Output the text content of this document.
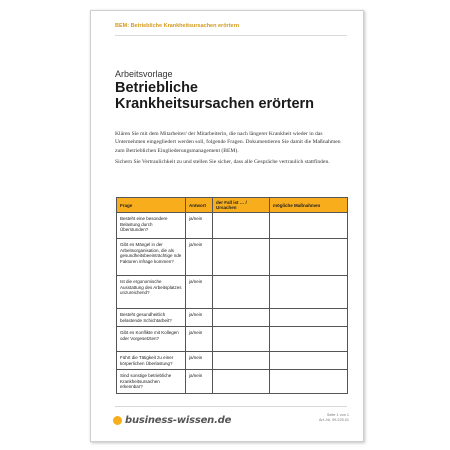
BEM: Betriebliche Krankheitsursachen erörtern
Arbeitsvorlage
Betriebliche
Krankheitsursachen erörtern

Klären Sie mit dem Mitarbeiter/ der Mitarbeiterin, die nach längerer Krankheit wieder in das Unternehmen eingegliedert werden soll, folgende Fragen. Dokumentieren Sie damit die Maßnahmen zum Betrieblichen Eingliederungsmanagement (BEM).

Sichern Sie Vertraulichkeit zu und stellen Sie sicher, dass alle Gespräche vertraulich stattfinden.

Frage	Antwort	der Fall ist … / Ursachen	mögliche Maßnahmen
Besteht eine besondere Belastung durch Überstunden?	ja/nein		
Gibt es Mängel in der Arbeitsorganisation, die als gesundheitsbeeinträchtige nde Faktoren infrage kommen?	ja/nein		
Ist die ergonomische Ausstattung des Arbeitsplatzes unzureichend?	ja/nein		
Besteht gesundheitlich belastende Schichtarbeit?	ja/nein		
Gibt es Konflikte mit Kollegen oder Vorgesetzten?	ja/nein		
Führt die Tätigkeit zu einer körperlichen Überlastung?	ja/nein		
Sind sonstige betriebliche Krankheitsursachen erkennbar?	ja/nein		
business-wissen.de	Seite 1 von 1
Art.-Nr. 99.225.01
